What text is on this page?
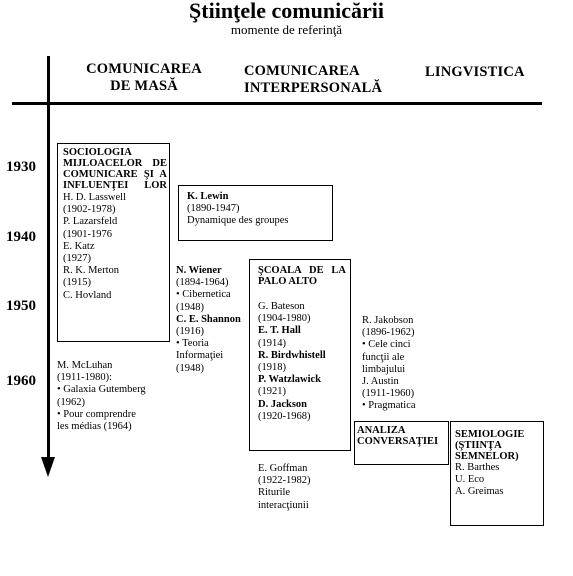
Ştiinţele comunicării
momente de referinţă
COMUNICAREA
DE MASĂ
COMUNICAREA
INTERPERSONALĂ
LINGVISTICA
1930
1940
1950
1960
SOCIOLOGIA
MIJLOACELOR DE
COMUNICARE ŞI A
INFLUENŢEI LOR
H. D. Lasswell
(1902-1978)
P. Lazarsfeld
(1901-1976
E. Katz
(1927)
R. K. Merton
(1915)
C. Hovland
K. Lewin
(1890-1947)
Dynamique des groupes
N. Wiener
(1894-1964)
• Cibernetica
(1948)
C. E. Shannon
(1916)
• Teoria
Informaţiei
(1948)
ŞCOALA DE LA
PALO ALTO
G. Bateson
(1904-1980)
E. T. Hall
(1914)
R. Birdwhistell
(1918)
P. Watzlawick
(1921)
D. Jackson
(1920-1968)
R. Jakobson
(1896-1962)
• Cele cinci
funcţii ale
limbajului
J. Austin
(1911-1960)
• Pragmatica
M. McLuhan
(1911-1980):
• Galaxia Gutemberg
(1962)
• Pour comprendre
les médias (1964)	ANALIZA
CONVERSAŢIEI
SEMIOLOGIE
(ŞTIINŢA
SEMNELOR)
R. Barthes
U. Eco
A. Greimas
E. Goffman
(1922-1982)
Riturile
interacţiunii
